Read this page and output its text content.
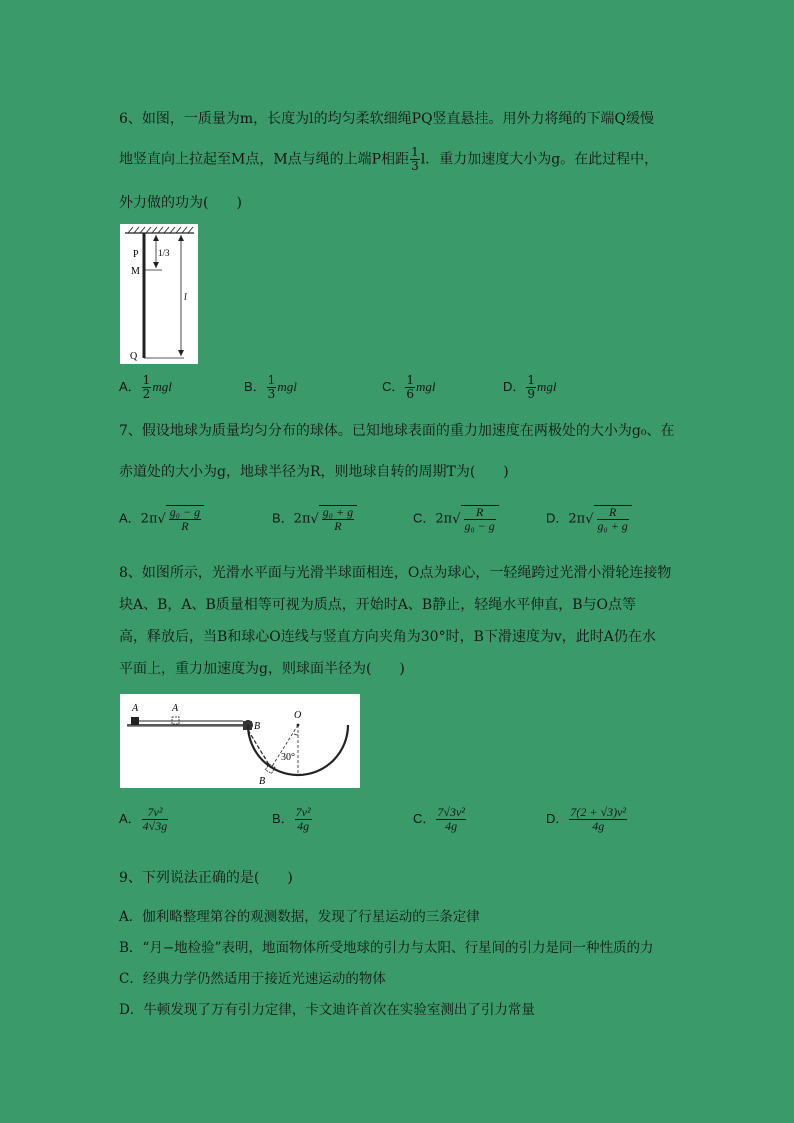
6、如图，一质量为m，长度为l的均匀柔软细绳PQ竖直悬挂。用外力将绳的下端Q缓慢
地竖直向上拉起至M点，M点与绳的上端P相距 $\frac{1}{3}$ l．重力加速度大小为g。在此过程中，
外力做的功为(　　)
P
M
Q
1/3
l
A． $\frac{1}{2}$ mgl	B． $\frac{1}{3}$ mgl	C． $\frac{1}{6}$ mgl	D． $\frac{1}{9}$ mgl
7、假设地球为质量均匀分布的球体。已知地球表面的重力加速度在两极处的大小为g₀、在
赤道处的大小为g，地球半径为R，则地球自转的周期T为(　　)
A．$2\pi√ \frac{\text{g₀ − g}}{R}$	B．$2\pi√ \frac{\text{g₀ + g}}{R}$	C．$2\pi√ \frac{R}{\text{g₀ − g}}$	D．$2\pi√ \frac{R}{\text{g₀ + g}}$
8、如图所示，光滑水平面与光滑半球面相连，O点为球心，一轻绳跨过光滑小滑轮连接物
块A、B，A、B质量相等可视为质点，开始时A、B静止，轻绳水平伸直，B与O点等
高，释放后，当B和球心O连线与竖直方向夹角为30°时，B下滑速度为v，此时A仍在水
平面上，重力加速度为g，则球面半径为(　　)
A	A
B
B
O
30°
A． $\frac{\text{7v²}}{4√3g}$	B． $\frac{\text{7v²}}{4g}$	C． $\frac{\text{7√3v²}}{4g}$	D． $\frac{\text{7(2 + √3)v²}}{4g}$
9、下列说法正确的是(　　)
A．伽利略整理第谷的观测数据，发现了行星运动的三条定律
B．“月−地检验”表明，地面物体所受地球的引力与太阳、行星间的引力是同一种性质的力
C．经典力学仍然适用于接近光速运动的物体
D．牛顿发现了万有引力定律，卡文迪许首次在实验室测出了引力常量
